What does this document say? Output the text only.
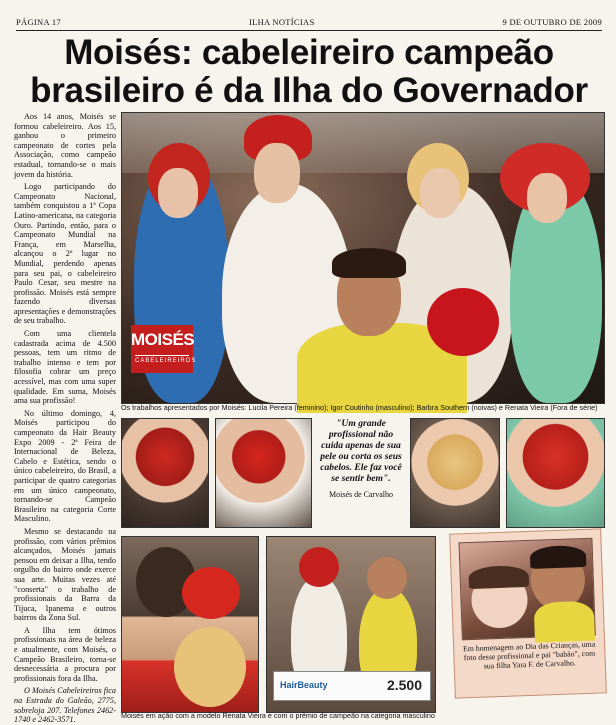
PÁGINA 17	ILHA NOTÍCIAS	9 DE OUTUBRO DE 2009
Moisés: cabeleireiro campeão
brasileiro é da Ilha do Governador

Aos 14 anos, Moisés se formou cabeleireiro. Aos 15, ganhou o primeiro campeonato de cortes pela Associação, como campeão estadual, tornando-se o mais jovem da história.

Logo participando do Campeonato Nacional, também conquistou a 1ª Copa Latino-americana, na categoria Ouro. Partindo, então, para o Campeonato Mundial na França, em Marselha, alcançou o 2º lugar no Mundial, perdendo apenas para seu pai, o cabeleireiro Paulo Cesar, seu mestre na profissão. Moisés está sempre fazendo diversas apresentações e demonstrações de seu trabalho.

Com uma clientela cadastrada acima de 4.500 pessoas, tem um ritmo de trabalho intenso e tem por filosofia cobrar um preço acessível, mas com uma super qualidade. Em suma, Moisés ama sua profissão!

No último domingo, 4, Moisés participou do campeonato da Hair Beauty Expo 2009 - 2ª Feira de Internacional de Beleza, Cabelo e Estética, sendo o único cabeleireiro, do Brasil, a participar de quatro categorias em um único campeonato, tornando-se Campeão Brasileiro na categoria Corte Masculino.

Mesmo se destacando na profissão, com vários prêmios alcançados, Moisés jamais pensou em deixar a Ilha, tendo orgulho do bairro onde exerce sua arte. Muitas vezes até "conserta" o trabalho de profissionais da Barra da Tijuca, Ipanema e outros bairros da Zona Sul.

A Ilha tem ótimos profissionais na área de beleza e atualmente, com Moisés, o Campeão Brasileiro, torna-se desnecessária a procura por profissionais fora da Ilha.

O Moisés Cabeleireiros fica na Estrada do Galeão, 2775, sobreloja 207. Telefones 2462-1740 e 2462-3571.

MOISÉS
CABELEIREIROS
Os trabalhos apresentados por Moisés: Lucila Pereira (feminino); Igor Coutinho (masculino); Barbra Southern (noivas) e Renata Vieira (Fora de série)
"Um grande profissional não cuida apenas de sua pele ou corta os seus cabelos. Ele faz você se sentir bem".
Moisés de Carvalho
HairBeauty	2.500
Moisés em ação com a modelo Renata Vieira e com o prêmio de campeão na categoria masculino
Em homenagem ao Dia das Crianças, uma foto desse profissional e pai "babão", com sua filha Yara F. de Carvalho.
